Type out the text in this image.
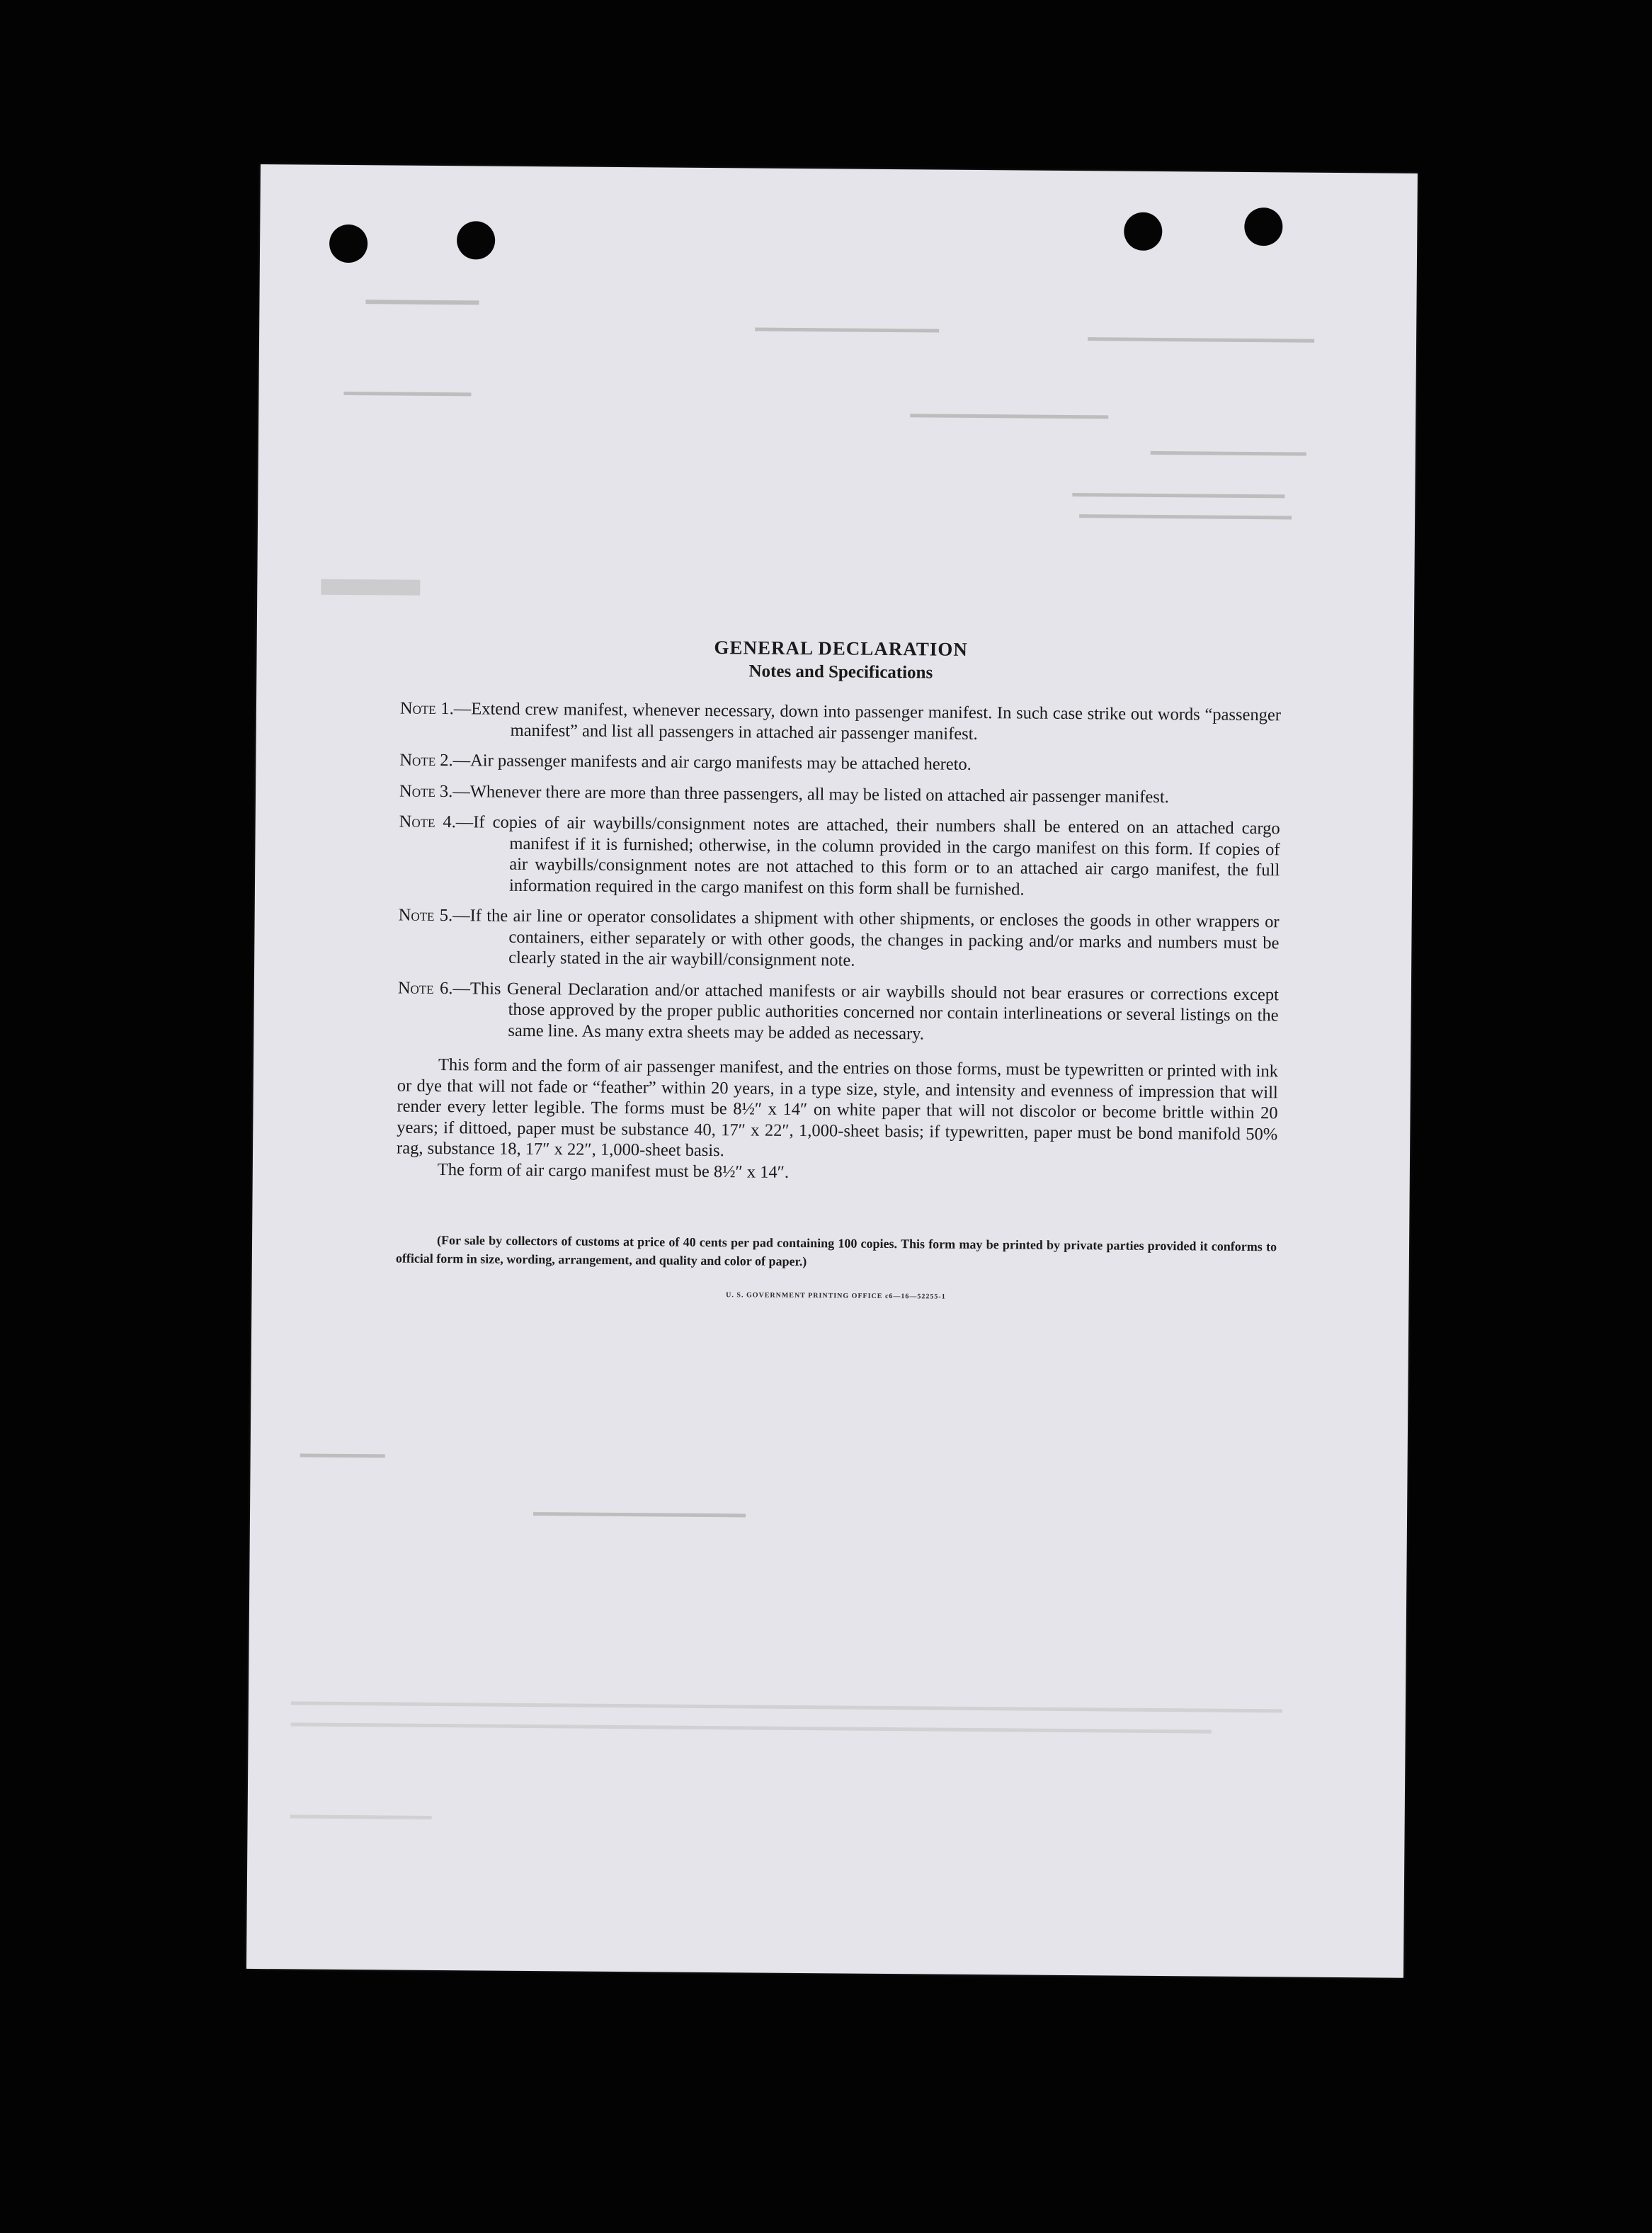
GENERAL DECLARATION

Notes and Specifications

Note 1.—Extend crew manifest, whenever necessary, down into passenger manifest. In such case strike out words “passenger manifest” and list all passengers in attached air passenger manifest.
Note 2.—Air passenger manifests and air cargo manifests may be attached hereto.
Note 3.—Whenever there are more than three passengers, all may be listed on attached air passenger manifest.
Note 4.—If copies of air waybills/consignment notes are attached, their numbers shall be entered on an attached cargo manifest if it is furnished; otherwise, in the column provided in the cargo manifest on this form. If copies of air waybills/consignment notes are not attached to this form or to an attached air cargo manifest, the full information required in the cargo manifest on this form shall be furnished.
Note 5.—If the air line or operator consolidates a shipment with other shipments, or encloses the goods in other wrappers or containers, either separately or with other goods, the changes in packing and/or marks and numbers must be clearly stated in the air waybill/consignment note.
Note 6.—This General Declaration and/or attached manifests or air waybills should not bear erasures or corrections except those approved by the proper public authorities concerned nor contain interlineations or several listings on the same line. As many extra sheets may be added as necessary.

This form and the form of air passenger manifest, and the entries on those forms, must be typewritten or printed with ink or dye that will not fade or “feather” within 20 years, in a type size, style, and intensity and evenness of impression that will render every letter legible. The forms must be 8½″ x 14″ on white paper that will not discolor or become brittle within 20 years; if dittoed, paper must be substance 40, 17″ x 22″, 1,000-sheet basis; if typewritten, paper must be bond manifold 50% rag, substance 18, 17″ x 22″, 1,000-sheet basis.

The form of air cargo manifest must be 8½″ x 14″.

(For sale by collectors of customs at price of 40 cents per pad containing 100 copies. This form may be printed by private parties provided it conforms to official form in size, wording, arrangement, and quality and color of paper.)

U. S. GOVERNMENT PRINTING OFFICE c6—16—52255-1
